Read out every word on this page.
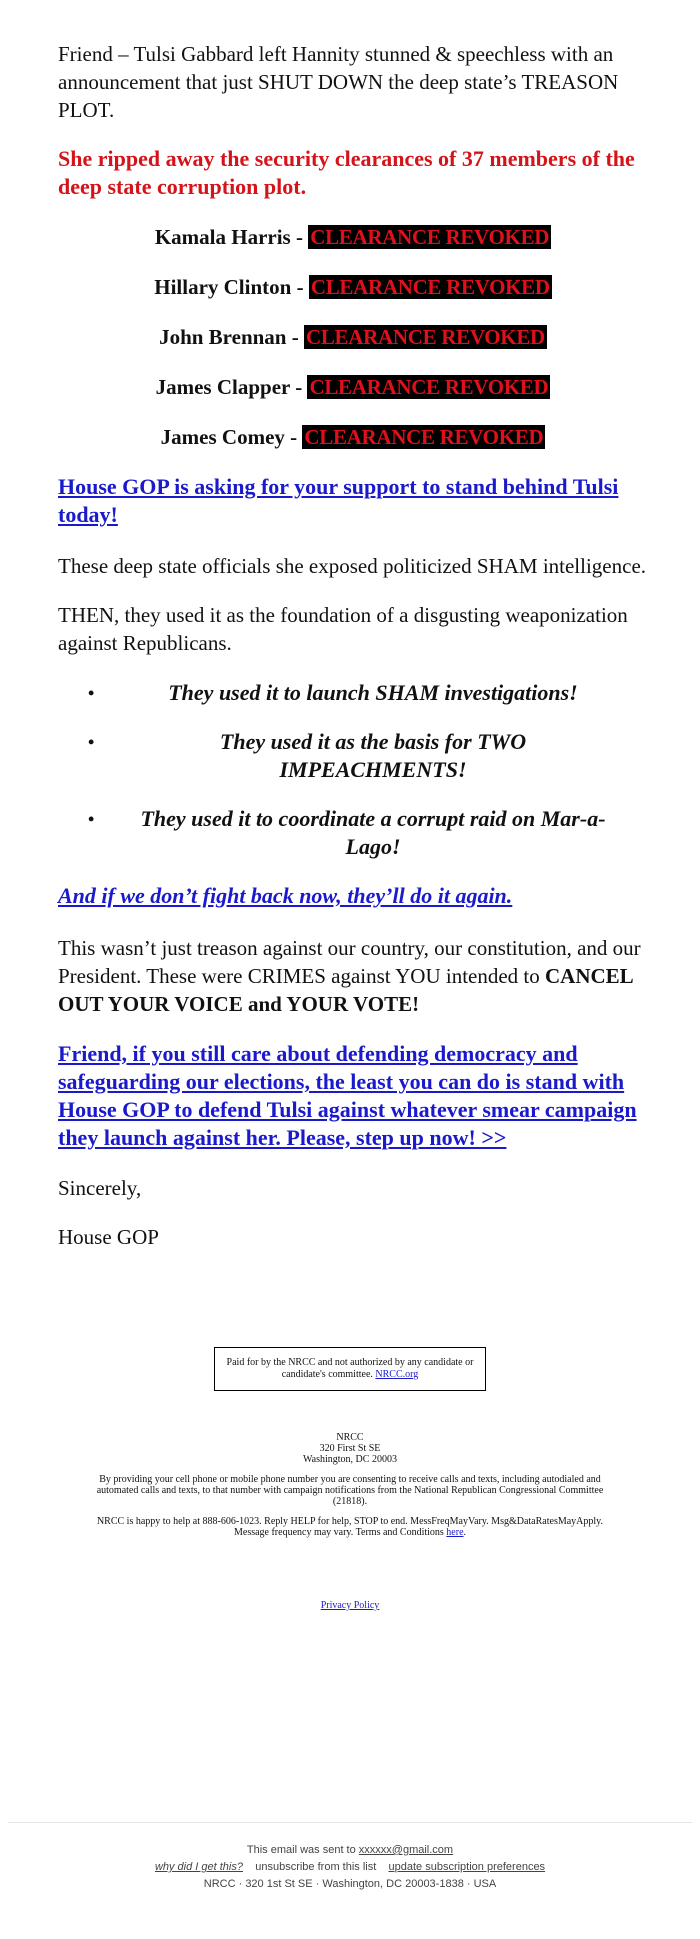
Friend – Tulsi Gabbard left Hannity stunned & speechless with an announcement that just SHUT DOWN the deep state’s TREASON PLOT.

She ripped away the security clearances of 37 members of the deep state corruption plot.

Kamala Harris - CLEARANCE REVOKED

Hillary Clinton - CLEARANCE REVOKED

John Brennan - CLEARANCE REVOKED

James Clapper - CLEARANCE REVOKED

James Comey - CLEARANCE REVOKED

House GOP is asking for your support to stand behind Tulsi today!

These deep state officials she exposed politicized SHAM intelligence.

THEN, they used it as the foundation of a disgusting weaponization against Republicans.

•	They used it to launch SHAM investigations!
•	They used it as the basis for TWO IMPEACHMENTS!
• They used it to coordinate a corrupt raid on Mar-a-Lago!

And if we don’t fight back now, they’ll do it again.

This wasn’t just treason against our country, our constitution, and our President. These were CRIMES against YOU intended to CANCEL OUT YOUR VOICE and YOUR VOTE!

Friend, if you still care about defending democracy and safeguarding our elections, the least you can do is stand with House GOP to defend Tulsi against whatever smear campaign they launch against her. Please, step up now! >>

Sincerely,

House GOP

Paid for by the NRCC and not authorized by any candidate or candidate's committee. NRCC.org
NRCC
320 First St SE
Washington, DC 20003
By providing your cell phone or mobile phone number you are consenting to receive calls and texts, including autodialed and automated calls and texts, to that number with campaign notifications from the National Republican Congressional Committee (21818).
NRCC is happy to help at 888-606-1023. Reply HELP for help, STOP to end. MessFreqMayVary. Msg&DataRatesMayApply. Message frequency may vary. Terms and Conditions here.
Privacy Policy
This email was sent to xxxxxx@gmail.com
why did I get this? unsubscribe from this list update subscription preferences
NRCC · 320 1st St SE · Washington, DC 20003-1838 · USA
